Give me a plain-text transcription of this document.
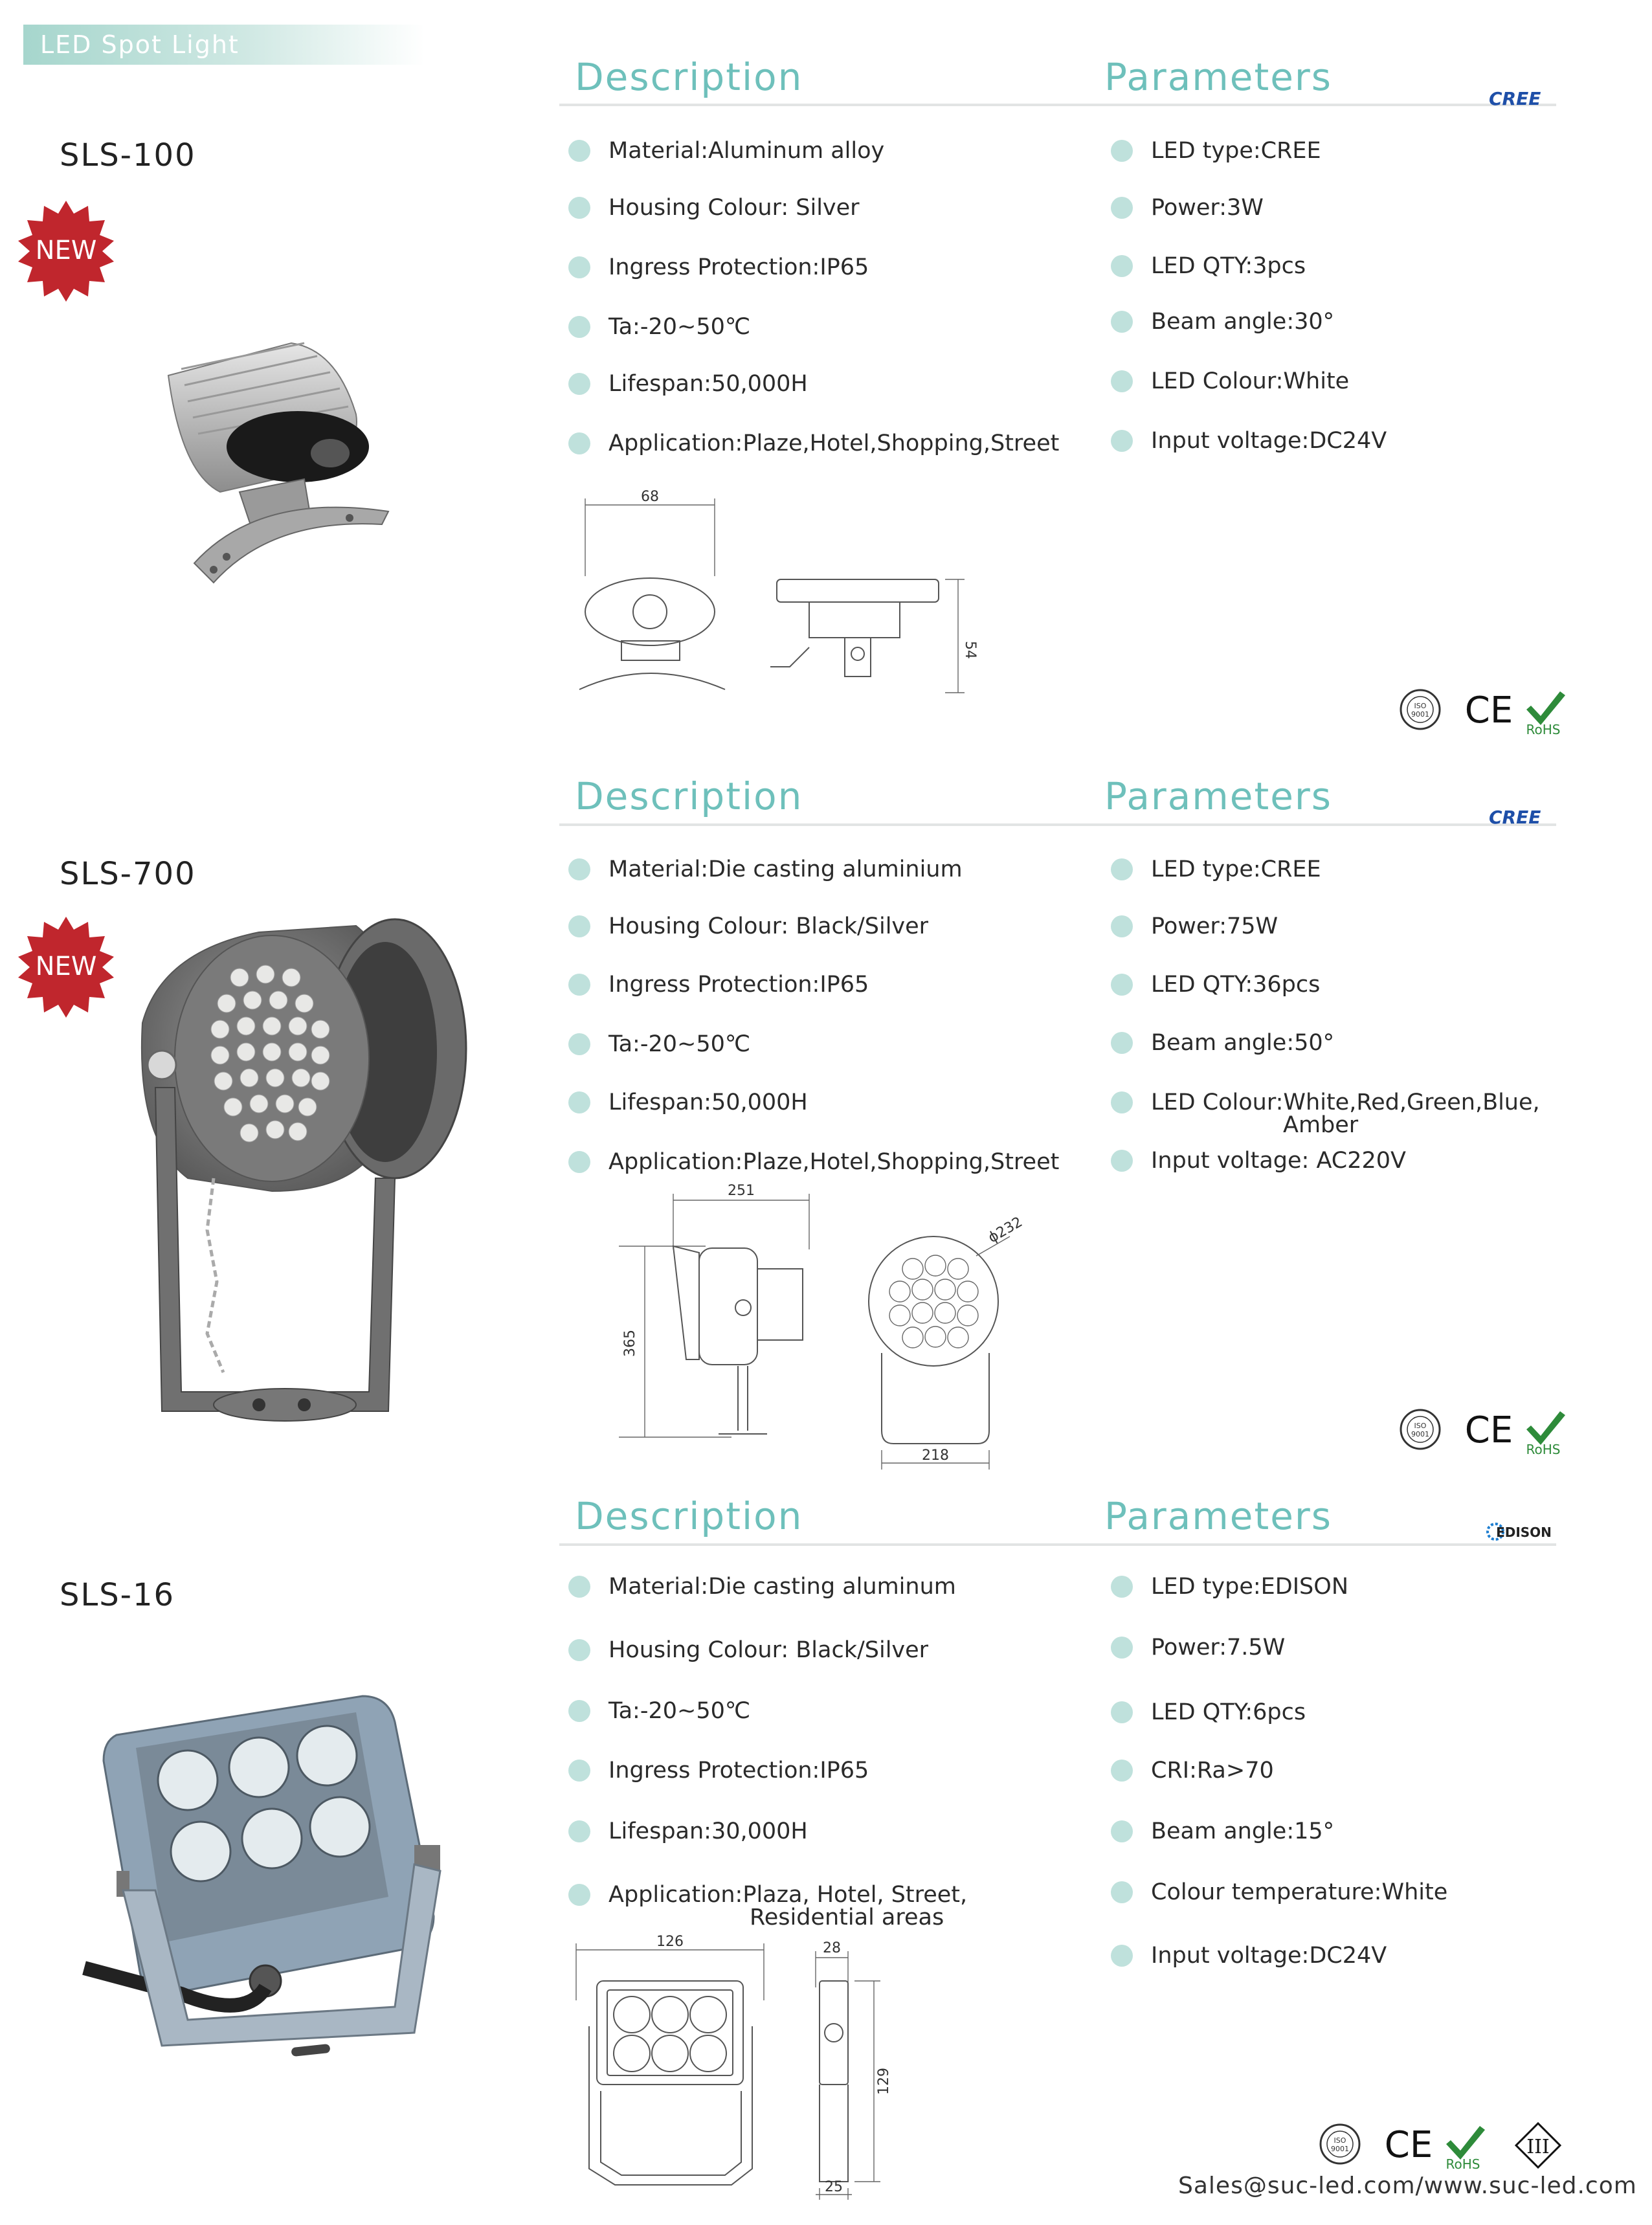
LED Spot Light
SLS-100
NEW
Description	Parameters	CREE
Material:Aluminum alloy
Housing Colour: Silver
Ingress Protection:IP65
Ta:-20~50℃
Lifespan:50,000H
Application:Plaze,Hotel,Shopping,Street
LED type:CREE
Power:3W
LED QTY:3pcs
Beam angle:30°
LED Colour:White
Input voltage:DC24V
68
54
ISO
9001 CE RoHS
SLS-700
NEW
Description	Parameters	CREE
Material:Die casting aluminium
Housing Colour: Black/Silver
Ingress Protection:IP65
Ta:-20~50℃
Lifespan:50,000H
Application:Plaze,Hotel,Shopping,Street
LED type:CREE
Power:75W
LED QTY:36pcs
Beam angle:50°
LED Colour:White,Red,Green,Blue,
Amber
Input voltage: AC220V
251
365
ϕ232
218
ISO
9001 CE RoHS
SLS-16
Description	Parameters	EDISON
Material:Die casting aluminum
Housing Colour: Black/Silver
Ta:-20~50℃
Ingress Protection:IP65
Lifespan:30,000H
Application:Plaza, Hotel, Street,
Residential areas
LED type:EDISON
Power:7.5W
LED QTY:6pcs
CRI:Ra>70
Beam angle:15°
Colour temperature:White
Input voltage:DC24V
126	28
129
25
ISO
9001 CE RoHS
III
Sales@suc-led.com/www.suc-led.com
